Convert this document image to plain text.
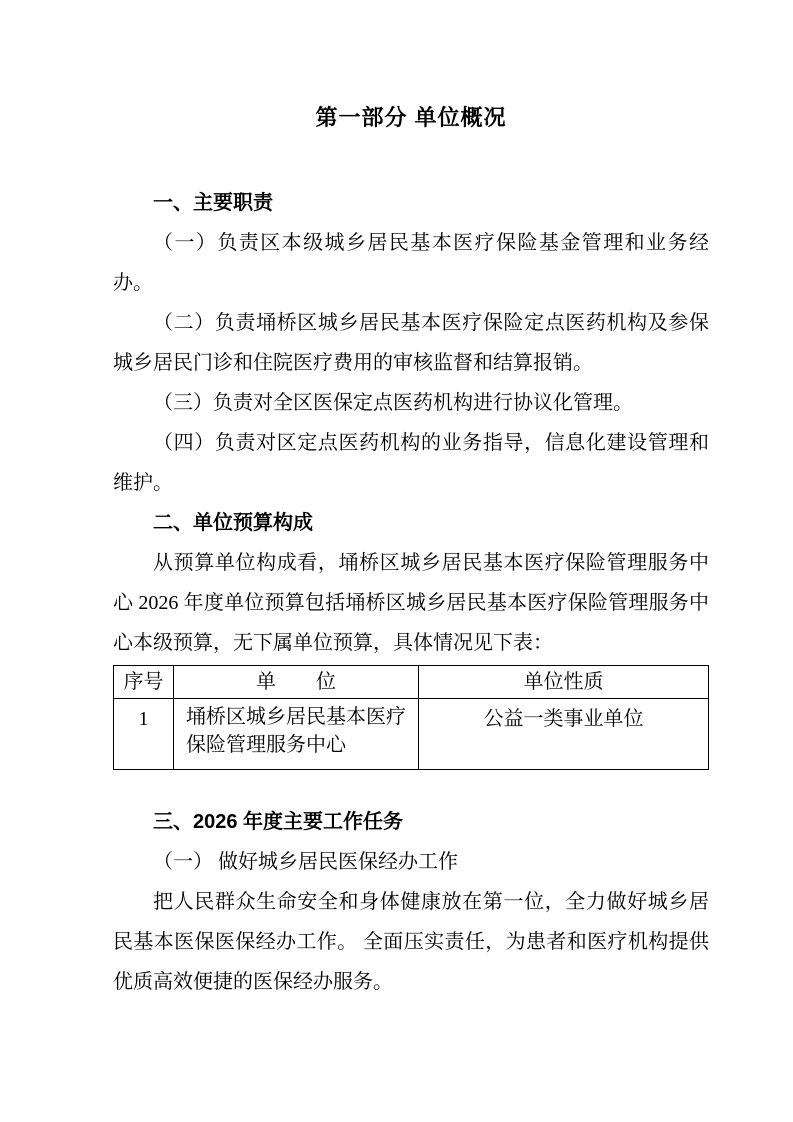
第一部分 单位概况
一、主要职责

（一）负责区本级城乡居民基本医疗保险基金管理和业务经办。

（二）负责埇桥区城乡居民基本医疗保险定点医药机构及参保城乡居民门诊和住院医疗费用的审核监督和结算报销。

（三）负责对全区医保定点医药机构进行协议化管理。

（四）负责对区定点医药机构的业务指导，信息化建设管理和维护。

二、单位预算构成

从预算单位构成看，埇桥区城乡居民基本医疗保险管理服务中心 2026 年度单位预算包括埇桥区城乡居民基本医疗保险管理服务中心本级预算，无下属单位预算，具体情况见下表：

序号	单　　位	单位性质
1	埇桥区城乡居民基本医疗保险管理服务中心	公益一类事业单位
三、2026 年度主要工作任务

（一） 做好城乡居民医保经办工作

把人民群众生命安全和身体健康放在第一位，全力做好城乡居民基本医保医保经办工作。 全面压实责任，为患者和医疗机构提供优质高效便捷的医保经办服务。
